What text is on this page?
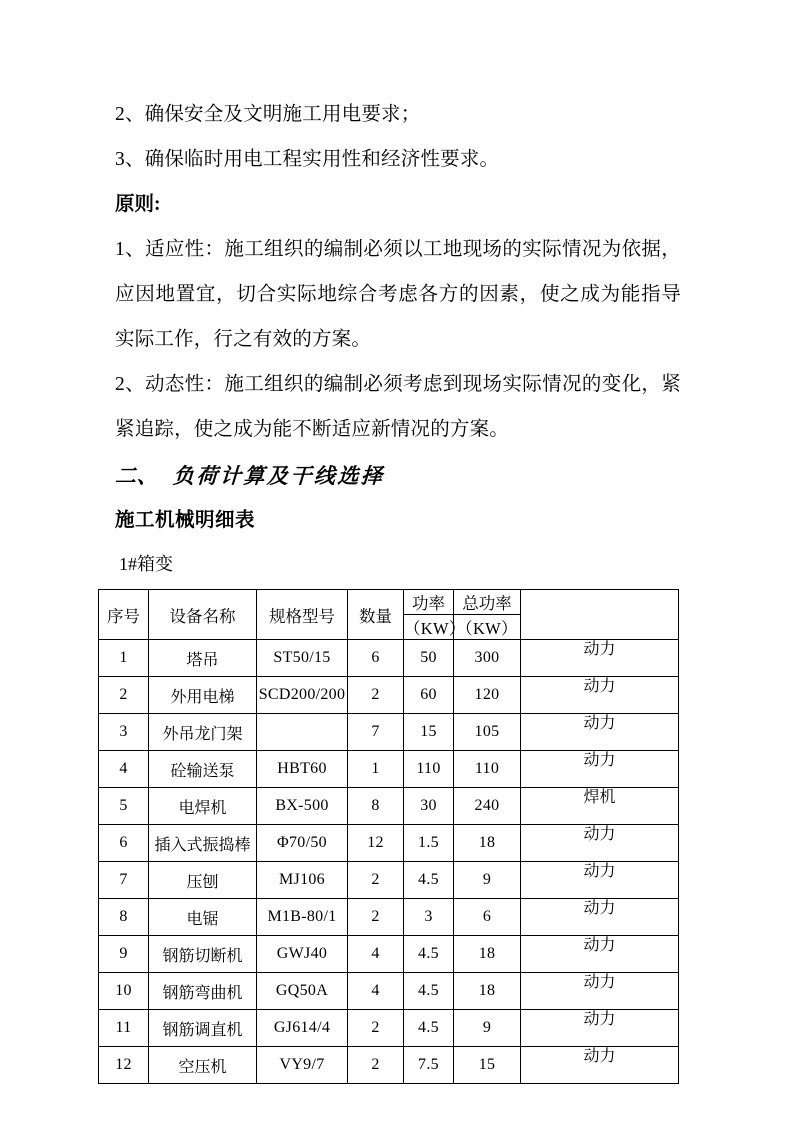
2、确保安全及文明施工用电要求；

3、确保临时用电工程实用性和经济性要求。

原则:

1、适应性：施工组织的编制必须以工地现场的实际情况为依据，应因地置宜，切合实际地综合考虑各方的因素，使之成为能指导实际工作，行之有效的方案。

2、动态性：施工组织的编制必须考虑到现场实际情况的变化，紧紧追踪，使之成为能不断适应新情况的方案。

二、 负荷计算及干线选择

施工机械明细表

1#箱变

序号	设备名称	规格型号	数量	功率	总功率	
				（KW）	（KW）	
1	塔吊	ST50/15	6	50	300	动力
2	外用电梯	SCD200/200	2	60	120	动力
3	外吊龙门架		7	15	105	动力
4	砼输送泵	HBT60	1	110	110	动力
5	电焊机	BX-500	8	30	240	焊机
6	插入式振捣棒	Φ70/50	12	1.5	18	动力
7	压刨	MJ106	2	4.5	9	动力
8	电锯	M1B-80/1	2	3	6	动力
9	钢筋切断机	GWJ40	4	4.5	18	动力
10	钢筋弯曲机	GQ50A	4	4.5	18	动力
11	钢筋调直机	GJ614/4	2	4.5	9	动力
12	空压机	VY9/7	2	7.5	15	动力
